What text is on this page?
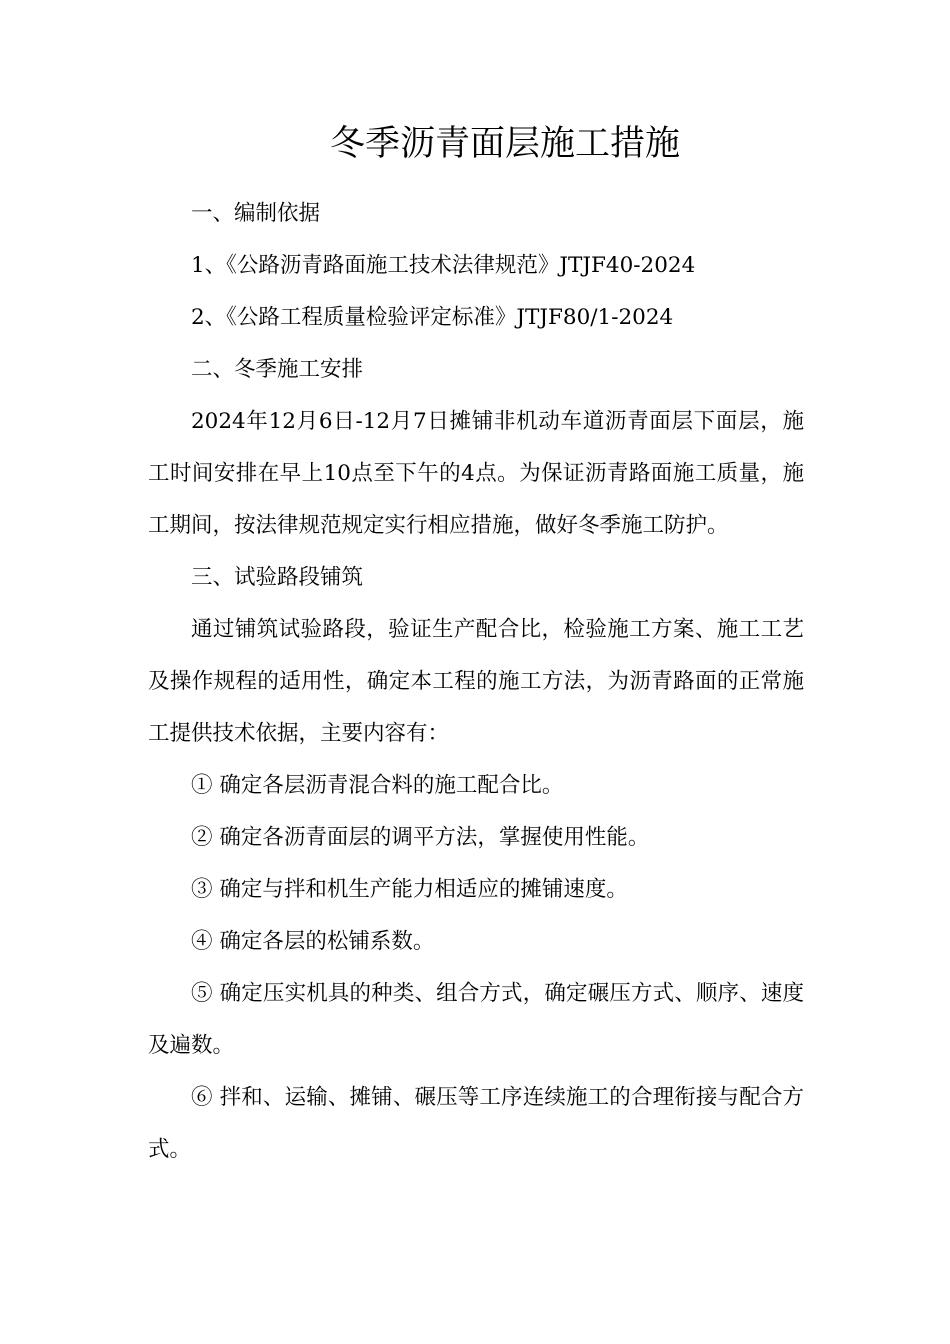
冬季沥青面层施工措施

一、编制依据

1、《公路沥青路面施工技术法律规范》JTJF40-2024

2、《公路工程质量检验评定标准》JTJF80/1-2024

二、冬季施工安排

2024年12月6日-12月7日摊铺非机动车道沥青面层下面层，施工时间安排在早上10点至下午的4点。为保证沥青路面施工质量，施工期间，按法律规范规定实行相应措施，做好冬季施工防护。

三、试验路段铺筑

通过铺筑试验路段，验证生产配合比，检验施工方案、施工工艺及操作规程的适用性，确定本工程的施工方法，为沥青路面的正常施工提供技术依据，主要内容有：

① 确定各层沥青混合料的施工配合比。

② 确定各沥青面层的调平方法，掌握使用性能。

③ 确定与拌和机生产能力相适应的摊铺速度。

④ 确定各层的松铺系数。

⑤ 确定压实机具的种类、组合方式，确定碾压方式、顺序、速度及遍数。

⑥ 拌和、运输、摊铺、碾压等工序连续施工的合理衔接与配合方式。
